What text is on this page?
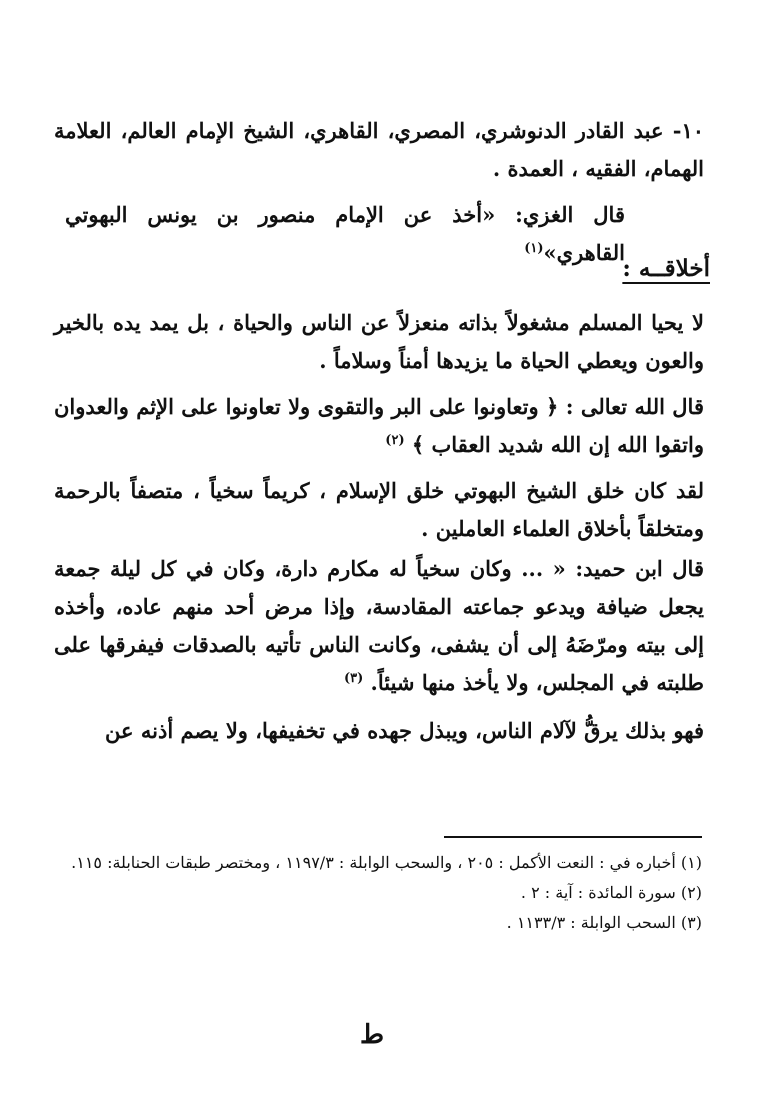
١٠- عبد القادر الدنوشري، المصري، القاهري، الشيخ الإمام العالم، العلامة الهمام، الفقيه ، العمدة .
قال الغزي: «أخذ عن الإمام منصور بن يونس البهوتي القاهري»$^{(١)}$
أخلاقــه :
لا يحيا المسلم مشغولاً بذاته منعزلاً عن الناس والحياة ، بل يمد يده بالخير والعون ويعطي الحياة ما يزيدها أمناً وسلاماً .
قال الله تعالى : ﴿ وتعاونوا على البر والتقوى ولا تعاونوا على الإثم والعدوان واتقوا الله إن الله شديد العقاب ﴾ $^{(٢)}$
لقد كان خلق الشيخ البهوتي خلق الإسلام ، كريماً سخياً ، متصفاً بالرحمة ومتخلقاً بأخلاق العلماء العاملين .
قال ابن حميد: « ... وكان سخياً له مكارم دارة، وكان في كل ليلة جمعة يجعل ضيافة ويدعو جماعته المقادسة، وإذا مرض أحد منهم عاده، وأخذه إلى بيته ومرّضَهُ إلى أن يشفى، وكانت الناس تأتيه بالصدقات فيفرقها على طلبته في المجلس، ولا يأخذ منها شيئاً. $^{(٣)}$
فهو بذلك يرقُّ لآلام الناس، ويبذل جهده في تخفيفها، ولا يصم أذنه عن

(١) أخباره في : النعت الأكمل : ٢٠٥ ، والسحب الوابلة : ١١٩٧/٣ ، ومختصر طبقات الحنابلة: ١١٥.

(٢) سورة المائدة : آية : ٢ .

(٣) السحب الوابلة : ١١٣٣/٣ .

ط
